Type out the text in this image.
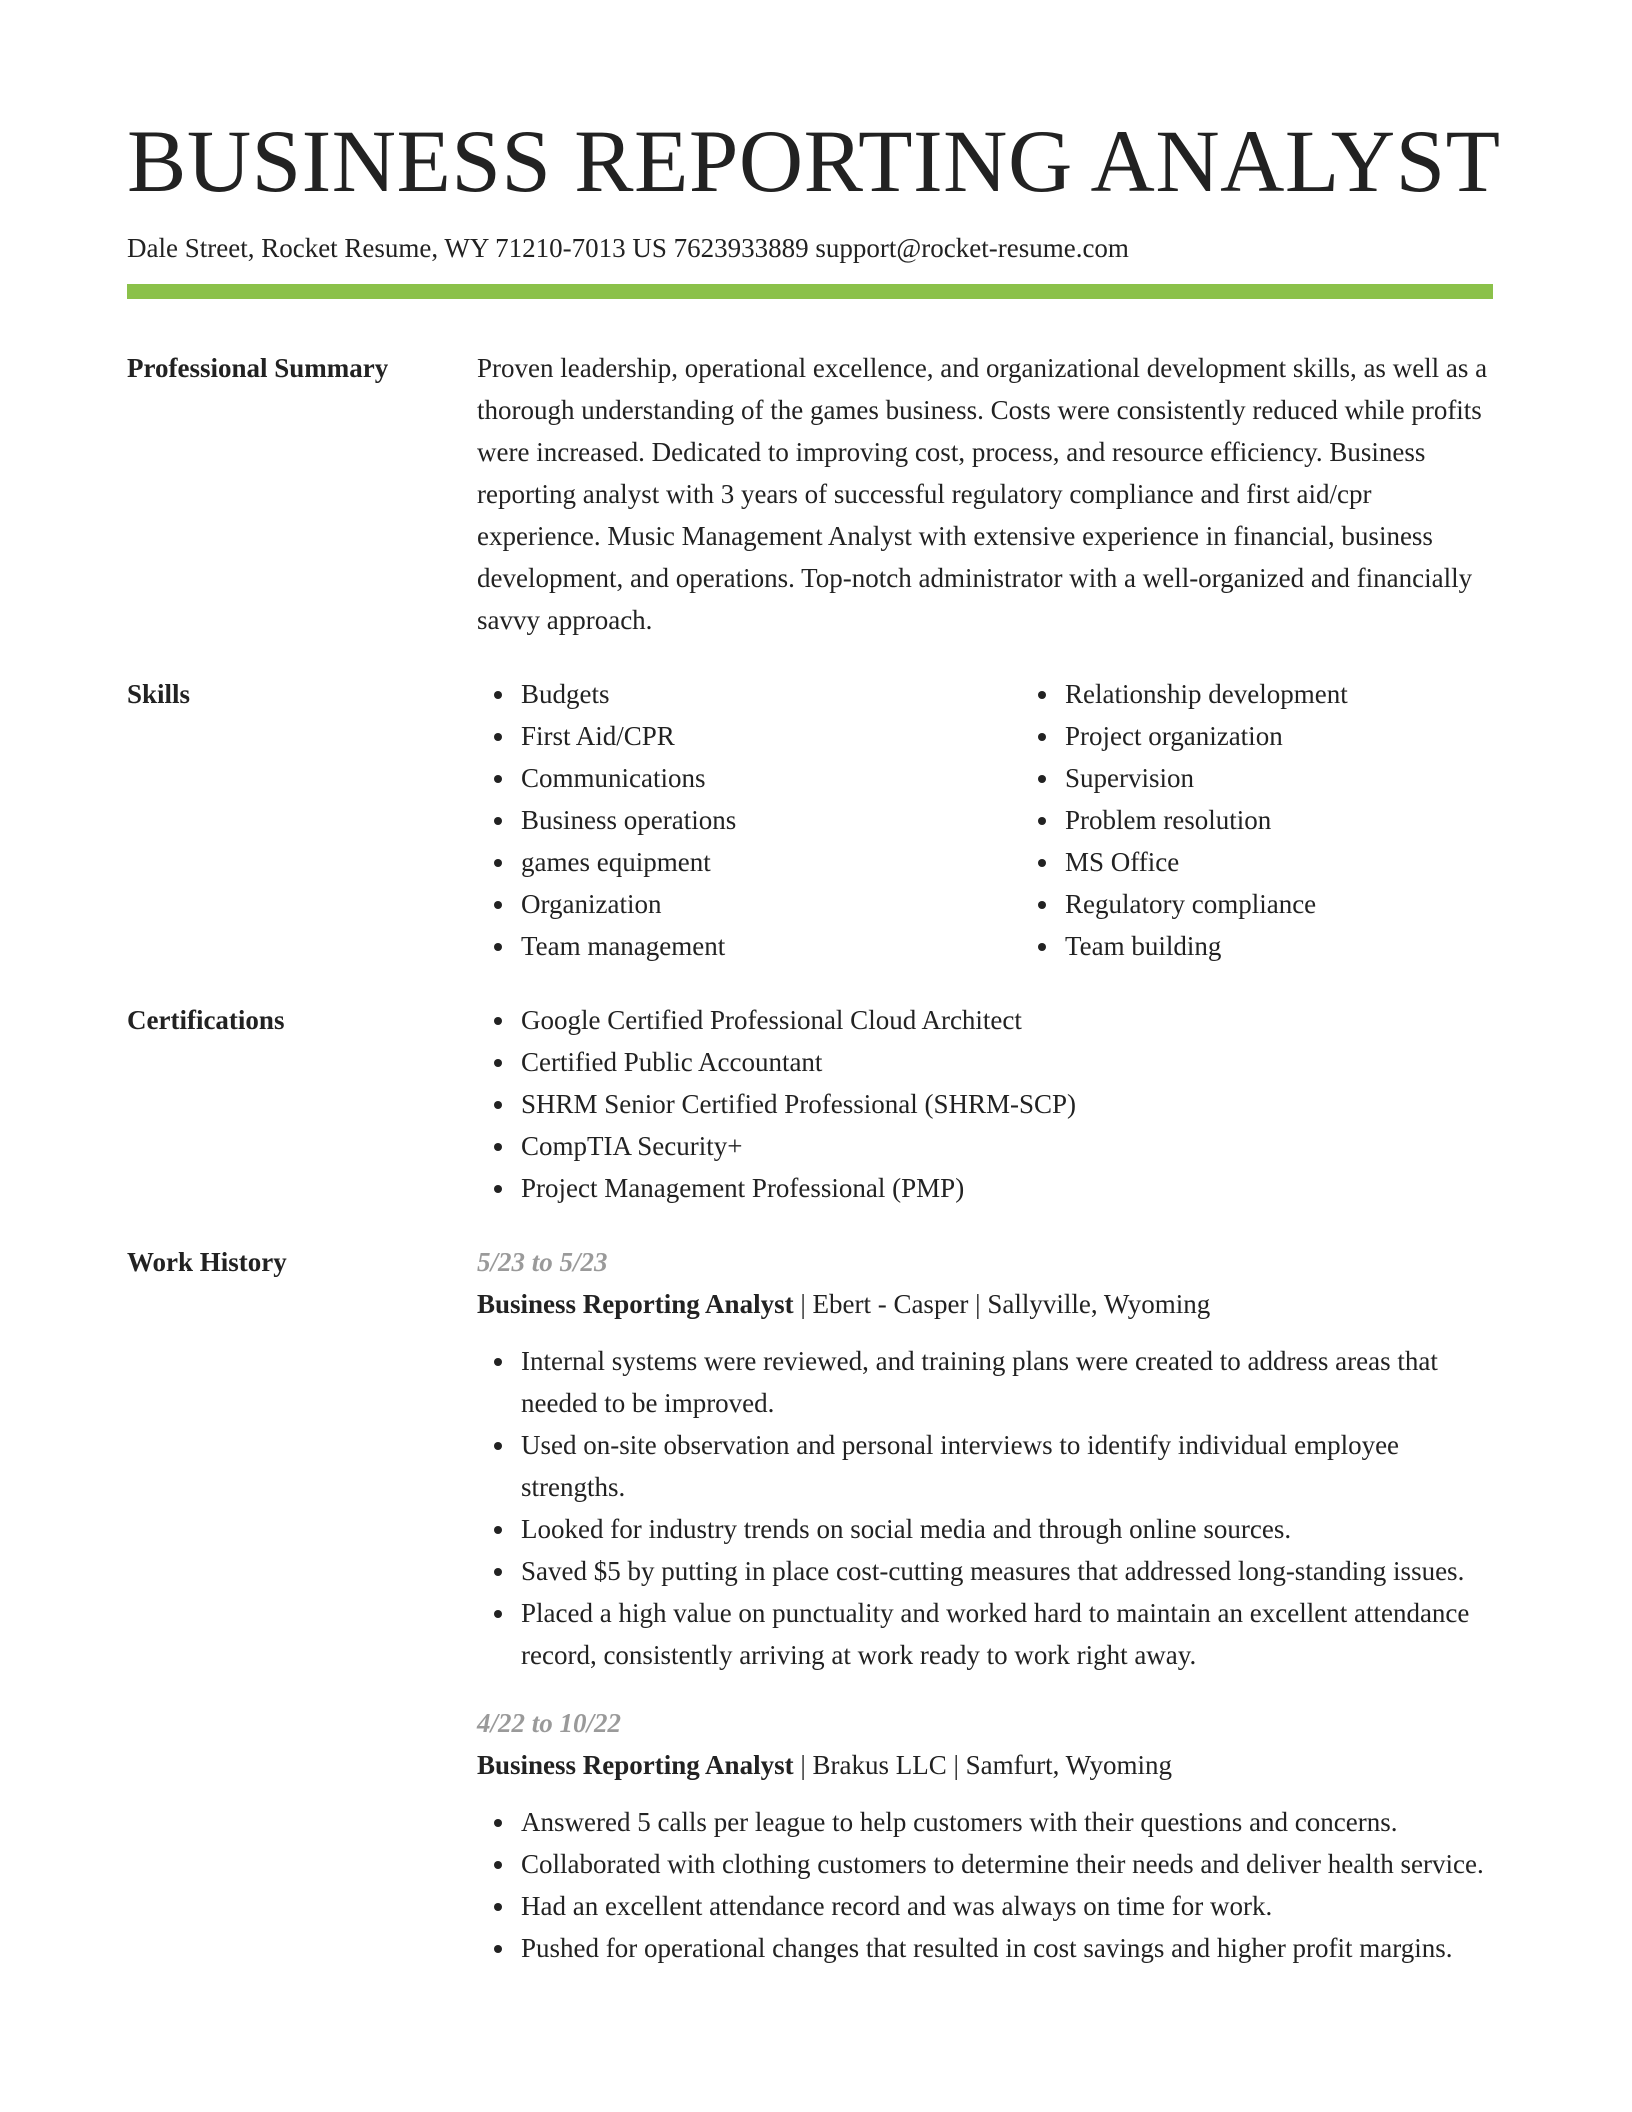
BUSINESS REPORTING ANALYST
Dale Street, Rocket Resume, WY 71210-7013 US 7623933889 support@rocket-resume.com
Professional Summary	Proven leadership, operational excellence, and organizational development skills, as well as a thorough understanding of the games business. Costs were consistently reduced while profits were increased. Dedicated to improving cost, process, and resource efficiency. Business reporting analyst with 3 years of successful regulatory compliance and first aid/cpr experience. Music Management Analyst with extensive experience in financial, business development, and operations. Top-notch administrator with a well-organized and financially savvy approach.

Skills	Budgets
First Aid/CPR
Communications
Business operations
games equipment
Organization
Team management
Relationship development
Project organization
Supervision
Problem resolution
MS Office
Regulatory compliance
Team building
Certifications	Google Certified Professional Cloud Architect
Certified Public Accountant
SHRM Senior Certified Professional (SHRM-SCP)
CompTIA Security+
Project Management Professional (PMP)
Work History	5/23 to 5/23
Business Reporting Analyst | Ebert - Casper | Sallyville, Wyoming
Internal systems were reviewed, and training plans were created to address areas that needed to be improved.
Used on-site observation and personal interviews to identify individual employee strengths.
Looked for industry trends on social media and through online sources.
Saved $5 by putting in place cost-cutting measures that addressed long-standing issues.
Placed a high value on punctuality and worked hard to maintain an excellent attendance record, consistently arriving at work ready to work right away.
4/22 to 10/22
Business Reporting Analyst | Brakus LLC | Samfurt, Wyoming
Answered 5 calls per league to help customers with their questions and concerns.
Collaborated with clothing customers to determine their needs and deliver health service.
Had an excellent attendance record and was always on time for work.
Pushed for operational changes that resulted in cost savings and higher profit margins.
